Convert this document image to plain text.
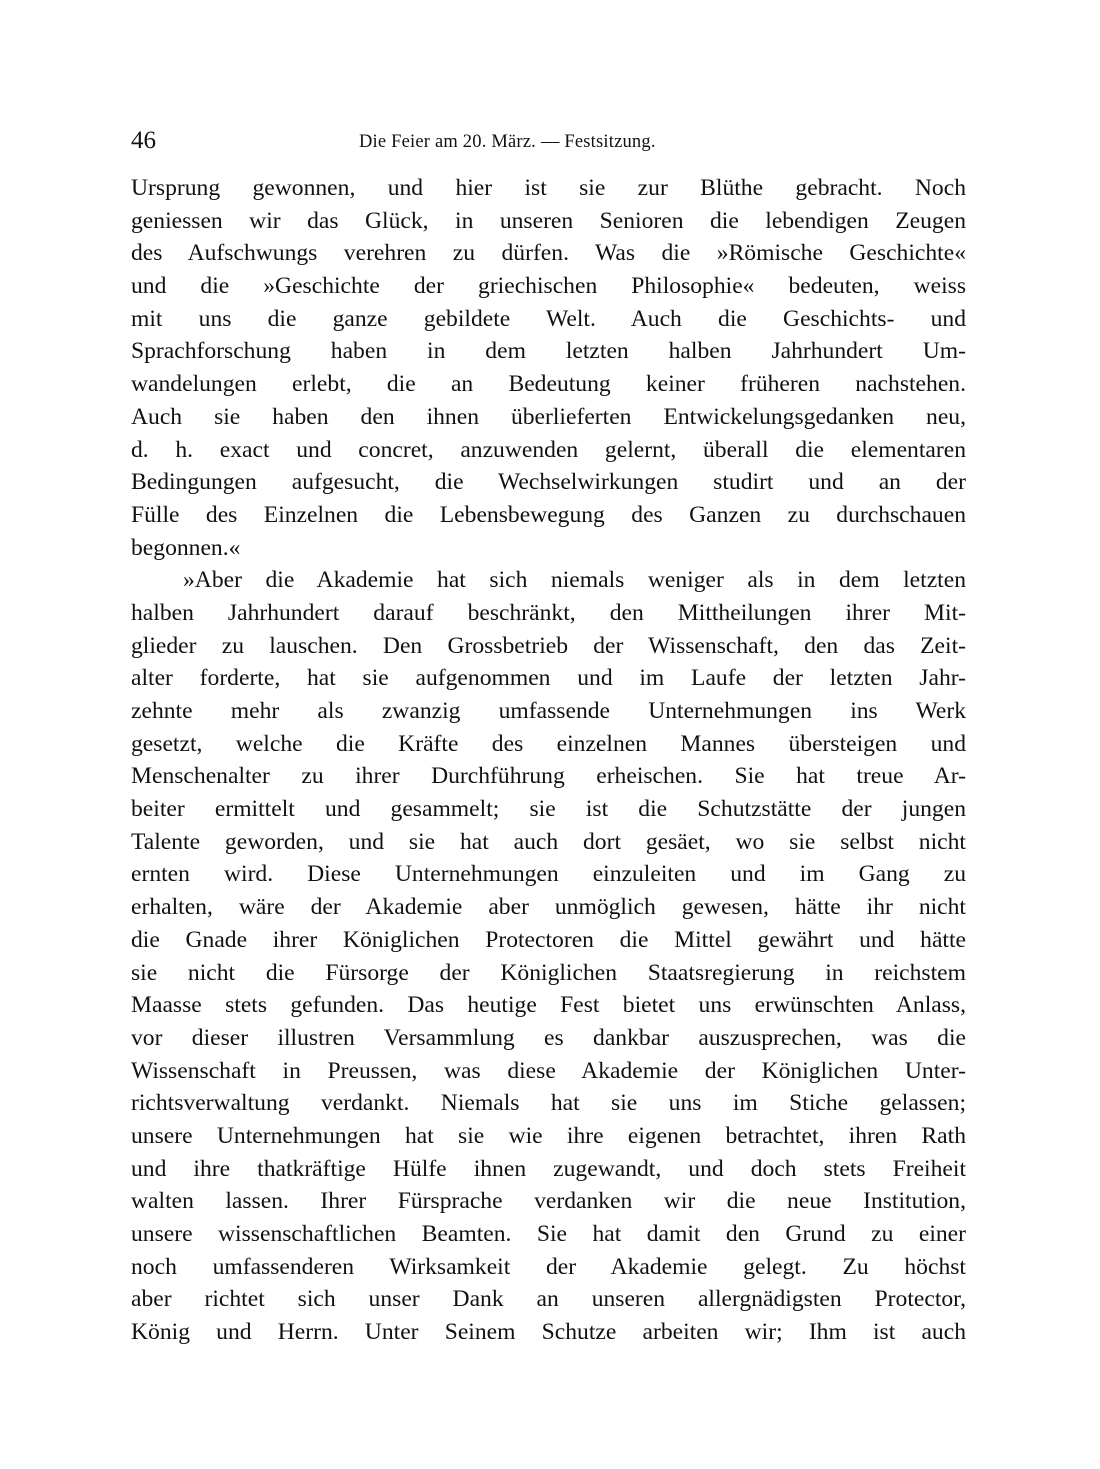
46	Die Feier am 20. März. — Festsitzung.
Ursprung gewonnen, und hier ist sie zur Blüthe gebracht. Noch
geniessen wir das Glück, in unseren Senioren die lebendigen Zeugen
des Aufschwungs verehren zu dürfen. Was die »Römische Geschichte«
und die »Geschichte der griechischen Philosophie« bedeuten, weiss
mit uns die ganze gebildete Welt. Auch die Geschichts- und
Sprachforschung haben in dem letzten halben Jahrhundert Um-
wandelungen erlebt, die an Bedeutung keiner früheren nachstehen.
Auch sie haben den ihnen überlieferten Entwickelungsgedanken neu,
d. h. exact und concret, anzuwenden gelernt, überall die elementaren
Bedingungen aufgesucht, die Wechselwirkungen studirt und an der
Fülle des Einzelnen die Lebensbewegung des Ganzen zu durchschauen
begonnen.«
»Aber die Akademie hat sich niemals weniger als in dem letzten
halben Jahrhundert darauf beschränkt, den Mittheilungen ihrer Mit-
glieder zu lauschen. Den Grossbetrieb der Wissenschaft, den das Zeit-
alter forderte, hat sie aufgenommen und im Laufe der letzten Jahr-
zehnte mehr als zwanzig umfassende Unternehmungen ins Werk
gesetzt, welche die Kräfte des einzelnen Mannes übersteigen und
Menschenalter zu ihrer Durchführung erheischen. Sie hat treue Ar-
beiter ermittelt und gesammelt; sie ist die Schutzstätte der jungen
Talente geworden, und sie hat auch dort gesäet, wo sie selbst nicht
ernten wird. Diese Unternehmungen einzuleiten und im Gang zu
erhalten, wäre der Akademie aber unmöglich gewesen, hätte ihr nicht
die Gnade ihrer Königlichen Protectoren die Mittel gewährt und hätte
sie nicht die Fürsorge der Königlichen Staatsregierung in reichstem
Maasse stets gefunden. Das heutige Fest bietet uns erwünschten Anlass,
vor dieser illustren Versammlung es dankbar auszusprechen, was die
Wissenschaft in Preussen, was diese Akademie der Königlichen Unter-
richtsverwaltung verdankt. Niemals hat sie uns im Stiche gelassen;
unsere Unternehmungen hat sie wie ihre eigenen betrachtet, ihren Rath
und ihre thatkräftige Hülfe ihnen zugewandt, und doch stets Freiheit
walten lassen. Ihrer Fürsprache verdanken wir die neue Institution,
unsere wissenschaftlichen Beamten. Sie hat damit den Grund zu einer
noch umfassenderen Wirksamkeit der Akademie gelegt. Zu höchst
aber richtet sich unser Dank an unseren allergnädigsten Protector,
König und Herrn. Unter Seinem Schutze arbeiten wir; Ihm ist auch
